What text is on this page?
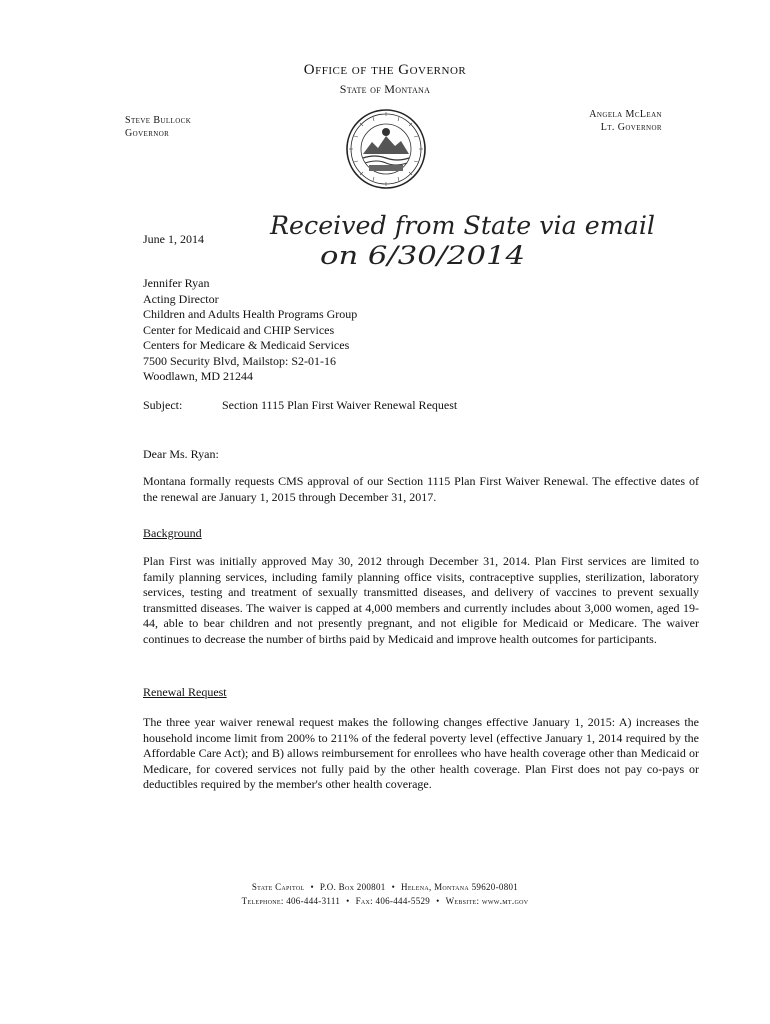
Office of the Governor
State of Montana
Steve Bullock
Governor
Angela McLean
Lt. Governor
June 1, 2014	Received from State via email
on 6/30/2014
Jennifer Ryan
Acting Director
Children and Adults Health Programs Group
Center for Medicaid and CHIP Services
Centers for Medicare & Medicaid Services
7500 Security Blvd, Mailstop: S2-01-16
Woodlawn, MD 21244
Subject:	Section 1115 Plan First Waiver Renewal Request
Dear Ms. Ryan:
Montana formally requests CMS approval of our Section 1115 Plan First Waiver Renewal. The effective dates of the renewal are January 1, 2015 through December 31, 2017.
Background
Plan First was initially approved May 30, 2012 through December 31, 2014. Plan First services are limited to family planning services, including family planning office visits, contraceptive supplies, sterilization, laboratory services, testing and treatment of sexually transmitted diseases, and delivery of vaccines to prevent sexually transmitted diseases. The waiver is capped at 4,000 members and currently includes about 3,000 women, aged 19-44, able to bear children and not presently pregnant, and not eligible for Medicaid or Medicare. The waiver continues to decrease the number of births paid by Medicaid and improve health outcomes for participants.
Renewal Request
The three year waiver renewal request makes the following changes effective January 1, 2015: A) increases the household income limit from 200% to 211% of the federal poverty level (effective January 1, 2014 required by the Affordable Care Act); and B) allows reimbursement for enrollees who have health coverage other than Medicaid or Medicare, for covered services not fully paid by the other health coverage. Plan First does not pay co-pays or deductibles required by the member's other health coverage.
State Capitol • P.O. Box 200801 • Helena, Montana 59620-0801
Telephone: 406-444-3111 • Fax: 406-444-5529 • Website: www.mt.gov
